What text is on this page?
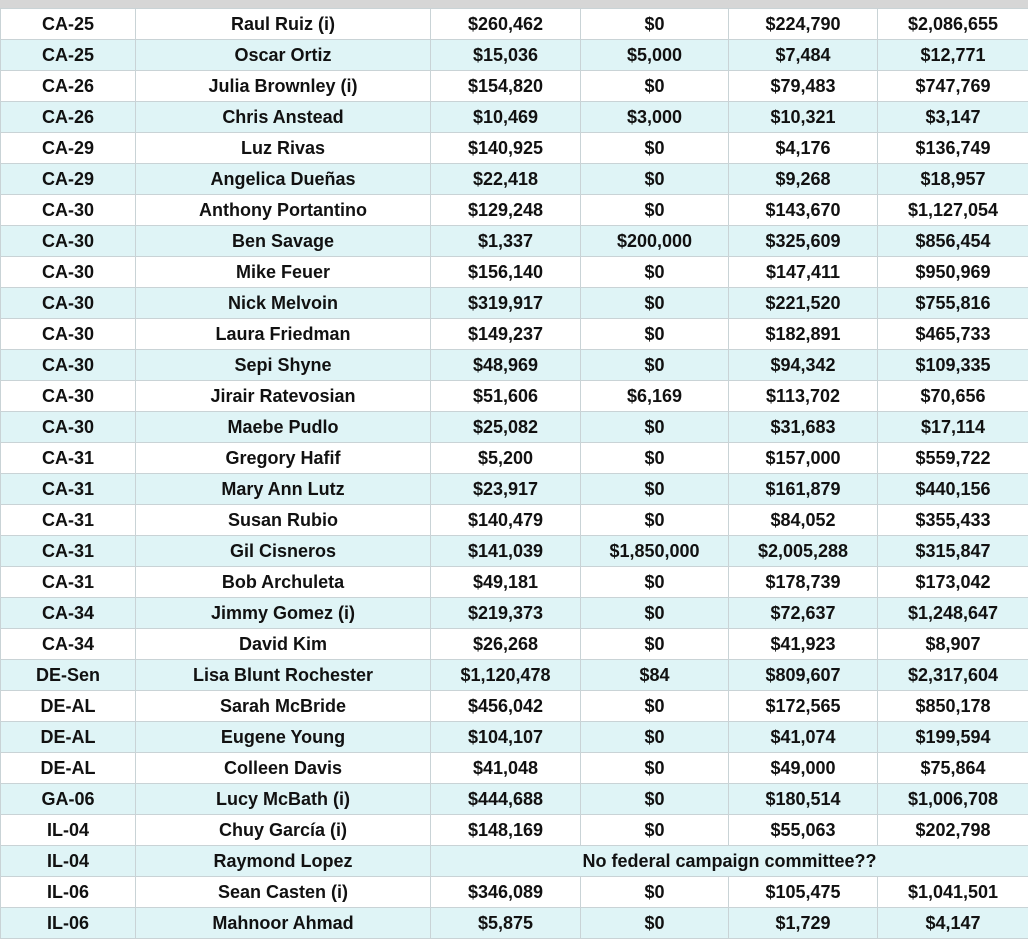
CA-25	Raul Ruiz (i)	$260,462	$0	$224,790	$2,086,655
CA-25	Oscar Ortiz	$15,036	$5,000	$7,484	$12,771
CA-26	Julia Brownley (i)	$154,820	$0	$79,483	$747,769
CA-26	Chris Anstead	$10,469	$3,000	$10,321	$3,147
CA-29	Luz Rivas	$140,925	$0	$4,176	$136,749
CA-29	Angelica Dueñas	$22,418	$0	$9,268	$18,957
CA-30	Anthony Portantino	$129,248	$0	$143,670	$1,127,054
CA-30	Ben Savage	$1,337	$200,000	$325,609	$856,454
CA-30	Mike Feuer	$156,140	$0	$147,411	$950,969
CA-30	Nick Melvoin	$319,917	$0	$221,520	$755,816
CA-30	Laura Friedman	$149,237	$0	$182,891	$465,733
CA-30	Sepi Shyne	$48,969	$0	$94,342	$109,335
CA-30	Jirair Ratevosian	$51,606	$6,169	$113,702	$70,656
CA-30	Maebe Pudlo	$25,082	$0	$31,683	$17,114
CA-31	Gregory Hafif	$5,200	$0	$157,000	$559,722
CA-31	Mary Ann Lutz	$23,917	$0	$161,879	$440,156
CA-31	Susan Rubio	$140,479	$0	$84,052	$355,433
CA-31	Gil Cisneros	$141,039	$1,850,000	$2,005,288	$315,847
CA-31	Bob Archuleta	$49,181	$0	$178,739	$173,042
CA-34	Jimmy Gomez (i)	$219,373	$0	$72,637	$1,248,647
CA-34	David Kim	$26,268	$0	$41,923	$8,907
DE-Sen	Lisa Blunt Rochester	$1,120,478	$84	$809,607	$2,317,604
DE-AL	Sarah McBride	$456,042	$0	$172,565	$850,178
DE-AL	Eugene Young	$104,107	$0	$41,074	$199,594
DE-AL	Colleen Davis	$41,048	$0	$49,000	$75,864
GA-06	Lucy McBath (i)	$444,688	$0	$180,514	$1,006,708
IL-04	Chuy García (i)	$148,169	$0	$55,063	$202,798
IL-04	Raymond Lopez	No federal campaign committee??			
IL-06	Sean Casten (i)	$346,089	$0	$105,475	$1,041,501
IL-06	Mahnoor Ahmad	$5,875	$0	$1,729	$4,147
